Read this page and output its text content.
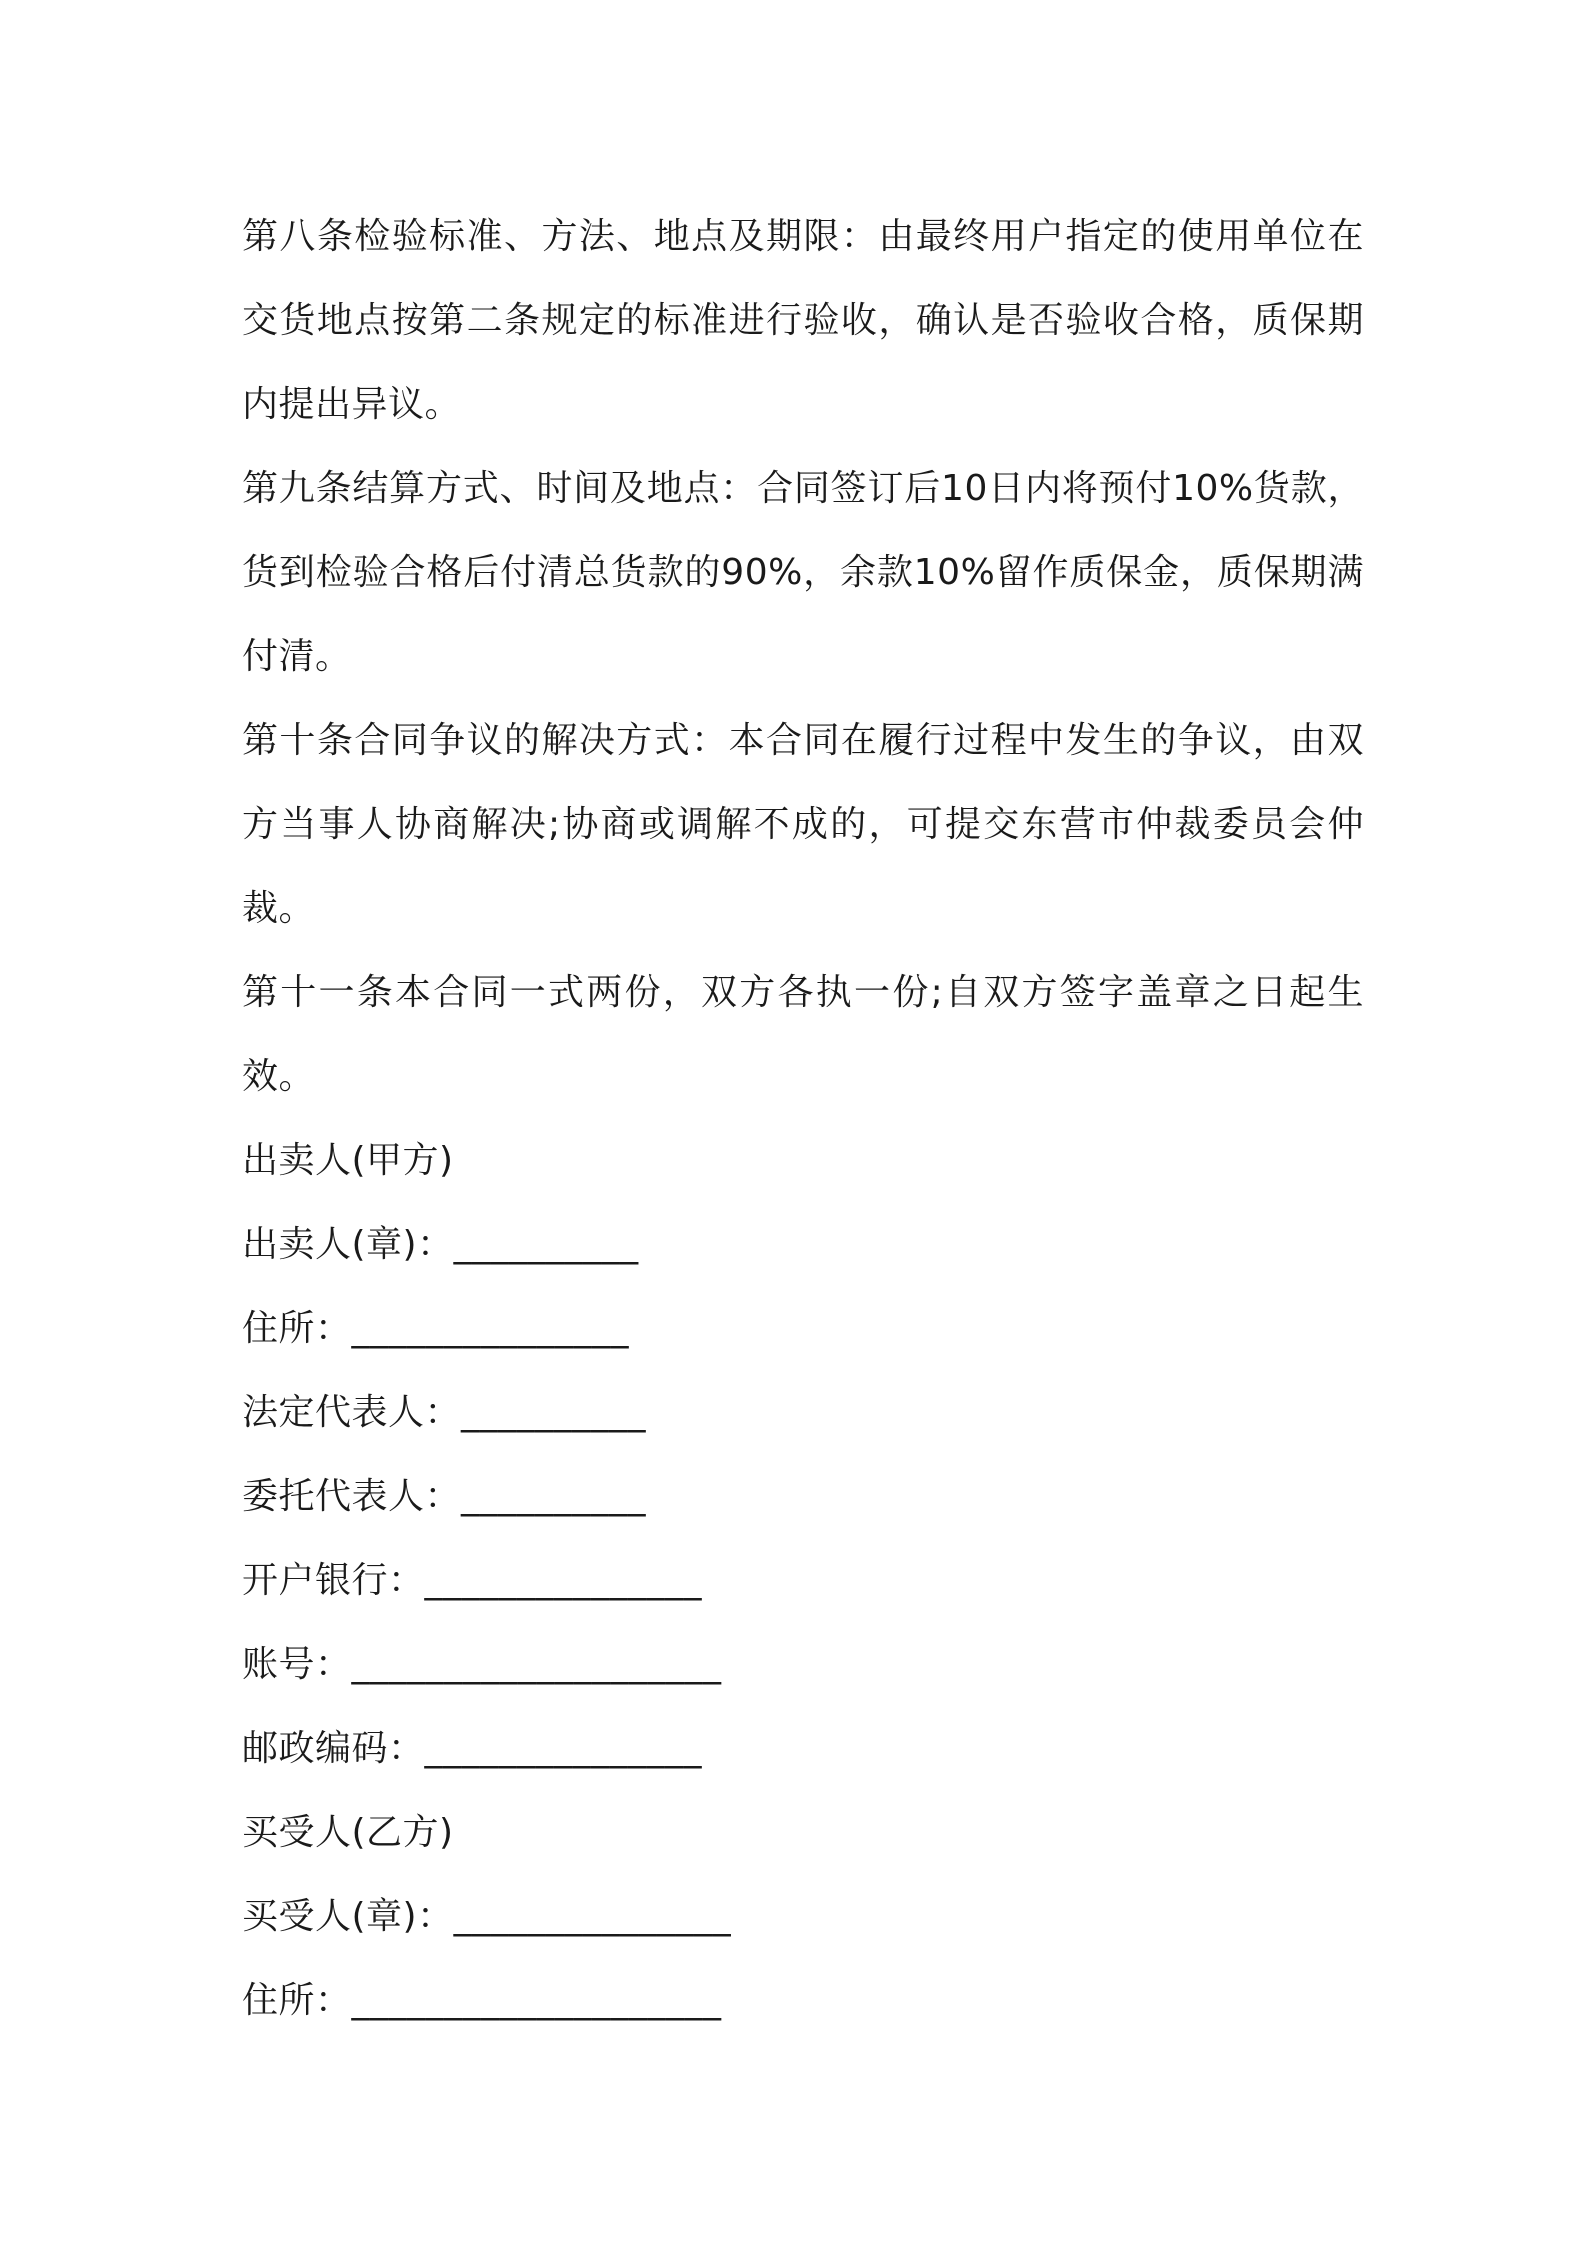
第八条检验标准、方法、地点及期限：由最终用户指定的使用单位在交货地点按第二条规定的标准进行验收，确认是否验收合格，质保期内提出异议。

第九条结算方式、时间及地点：合同签订后10日内将预付10%货款，货到检验合格后付清总货款的90%，余款10%留作质保金，质保期满付清。

第十条合同争议的解决方式：本合同在履行过程中发生的争议，由双方当事人协商解决;协商或调解不成的，可提交东营市仲裁委员会仲裁。

第十一条本合同一式两份，双方各执一份;自双方签字盖章之日起生效。

出卖人(甲方)

出卖人(章)：__________

住所：_______________

法定代表人：__________

委托代表人：__________

开户银行：_______________

账号：____________________

邮政编码：_______________

买受人(乙方)

买受人(章)：_______________

住所：____________________
